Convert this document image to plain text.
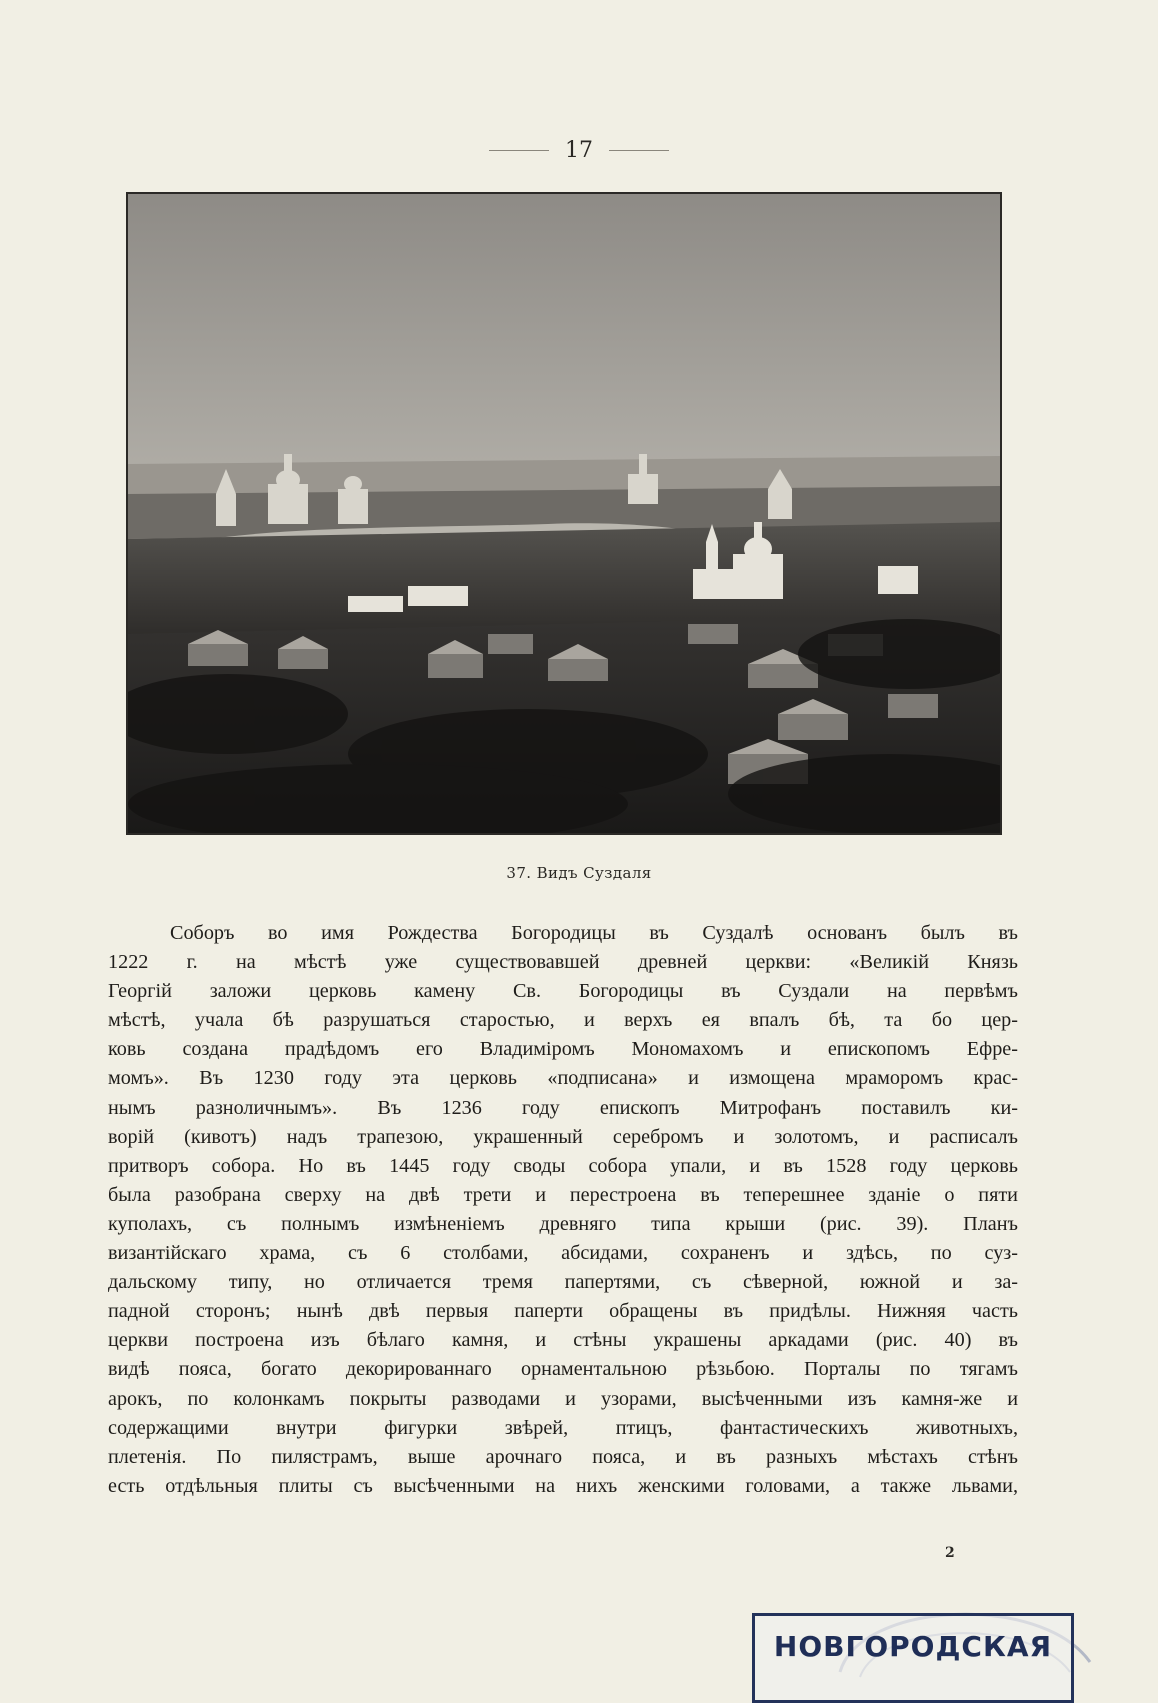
17
37. Видъ Суздаля
Соборъ во имя Рождества Богородицы въ Суздалѣ основанъ былъ въ
1222 г. на мѣстѣ уже существовавшей древней церкви: «Великій Князь
Георгій заложи церковь камену Св. Богородицы въ Суздали на первѣмъ
мѣстѣ, учала бѣ разрушаться старостью, и верхъ ея впалъ бѣ, та бо цер-
ковь создана прадѣдомъ его Владиміромъ Мономахомъ и епископомъ Ефре-
момъ». Въ 1230 году эта церковь «подписана» и измощена мраморомъ крас-
нымъ разноличнымъ». Въ 1236 году епископъ Митрофанъ поставилъ ки-
ворій (кивотъ) надъ трапезою, украшенный серебромъ и золотомъ, и расписалъ
притворъ собора. Но въ 1445 году своды собора упали, и въ 1528 году церковь
была разобрана сверху на двѣ трети и перестроена въ теперешнее зданіе о пяти
куполахъ, съ полнымъ измѣненіемъ древняго типа крыши (рис. 39). Планъ
византійскаго храма, съ 6 столбами, абсидами, сохраненъ и здѣсь, по суз-
дальскому типу, но отличается тремя папертями, съ сѣверной, южной и за-
падной сторонъ; нынѣ двѣ первыя паперти обращены въ придѣлы. Нижняя часть
церкви построена изъ бѣлаго камня, и стѣны украшены аркадами (рис. 40) въ
видѣ пояса, богато декорированнаго орнаментальною рѣзьбою. Порталы по тягамъ
арокъ, по колонкамъ покрыты разводами и узорами, высѣченными изъ камня-же и
содержащими внутри фигурки звѣрей, птицъ, фантастическихъ животныхъ,
плетенія. По пилястрамъ, выше арочнаго пояса, и въ разныхъ мѣстахъ стѣнъ
есть отдѣльныя плиты съ высѣченными на нихъ женскими головами, а также львами,
2
НОВГОРОДСКАЯ
